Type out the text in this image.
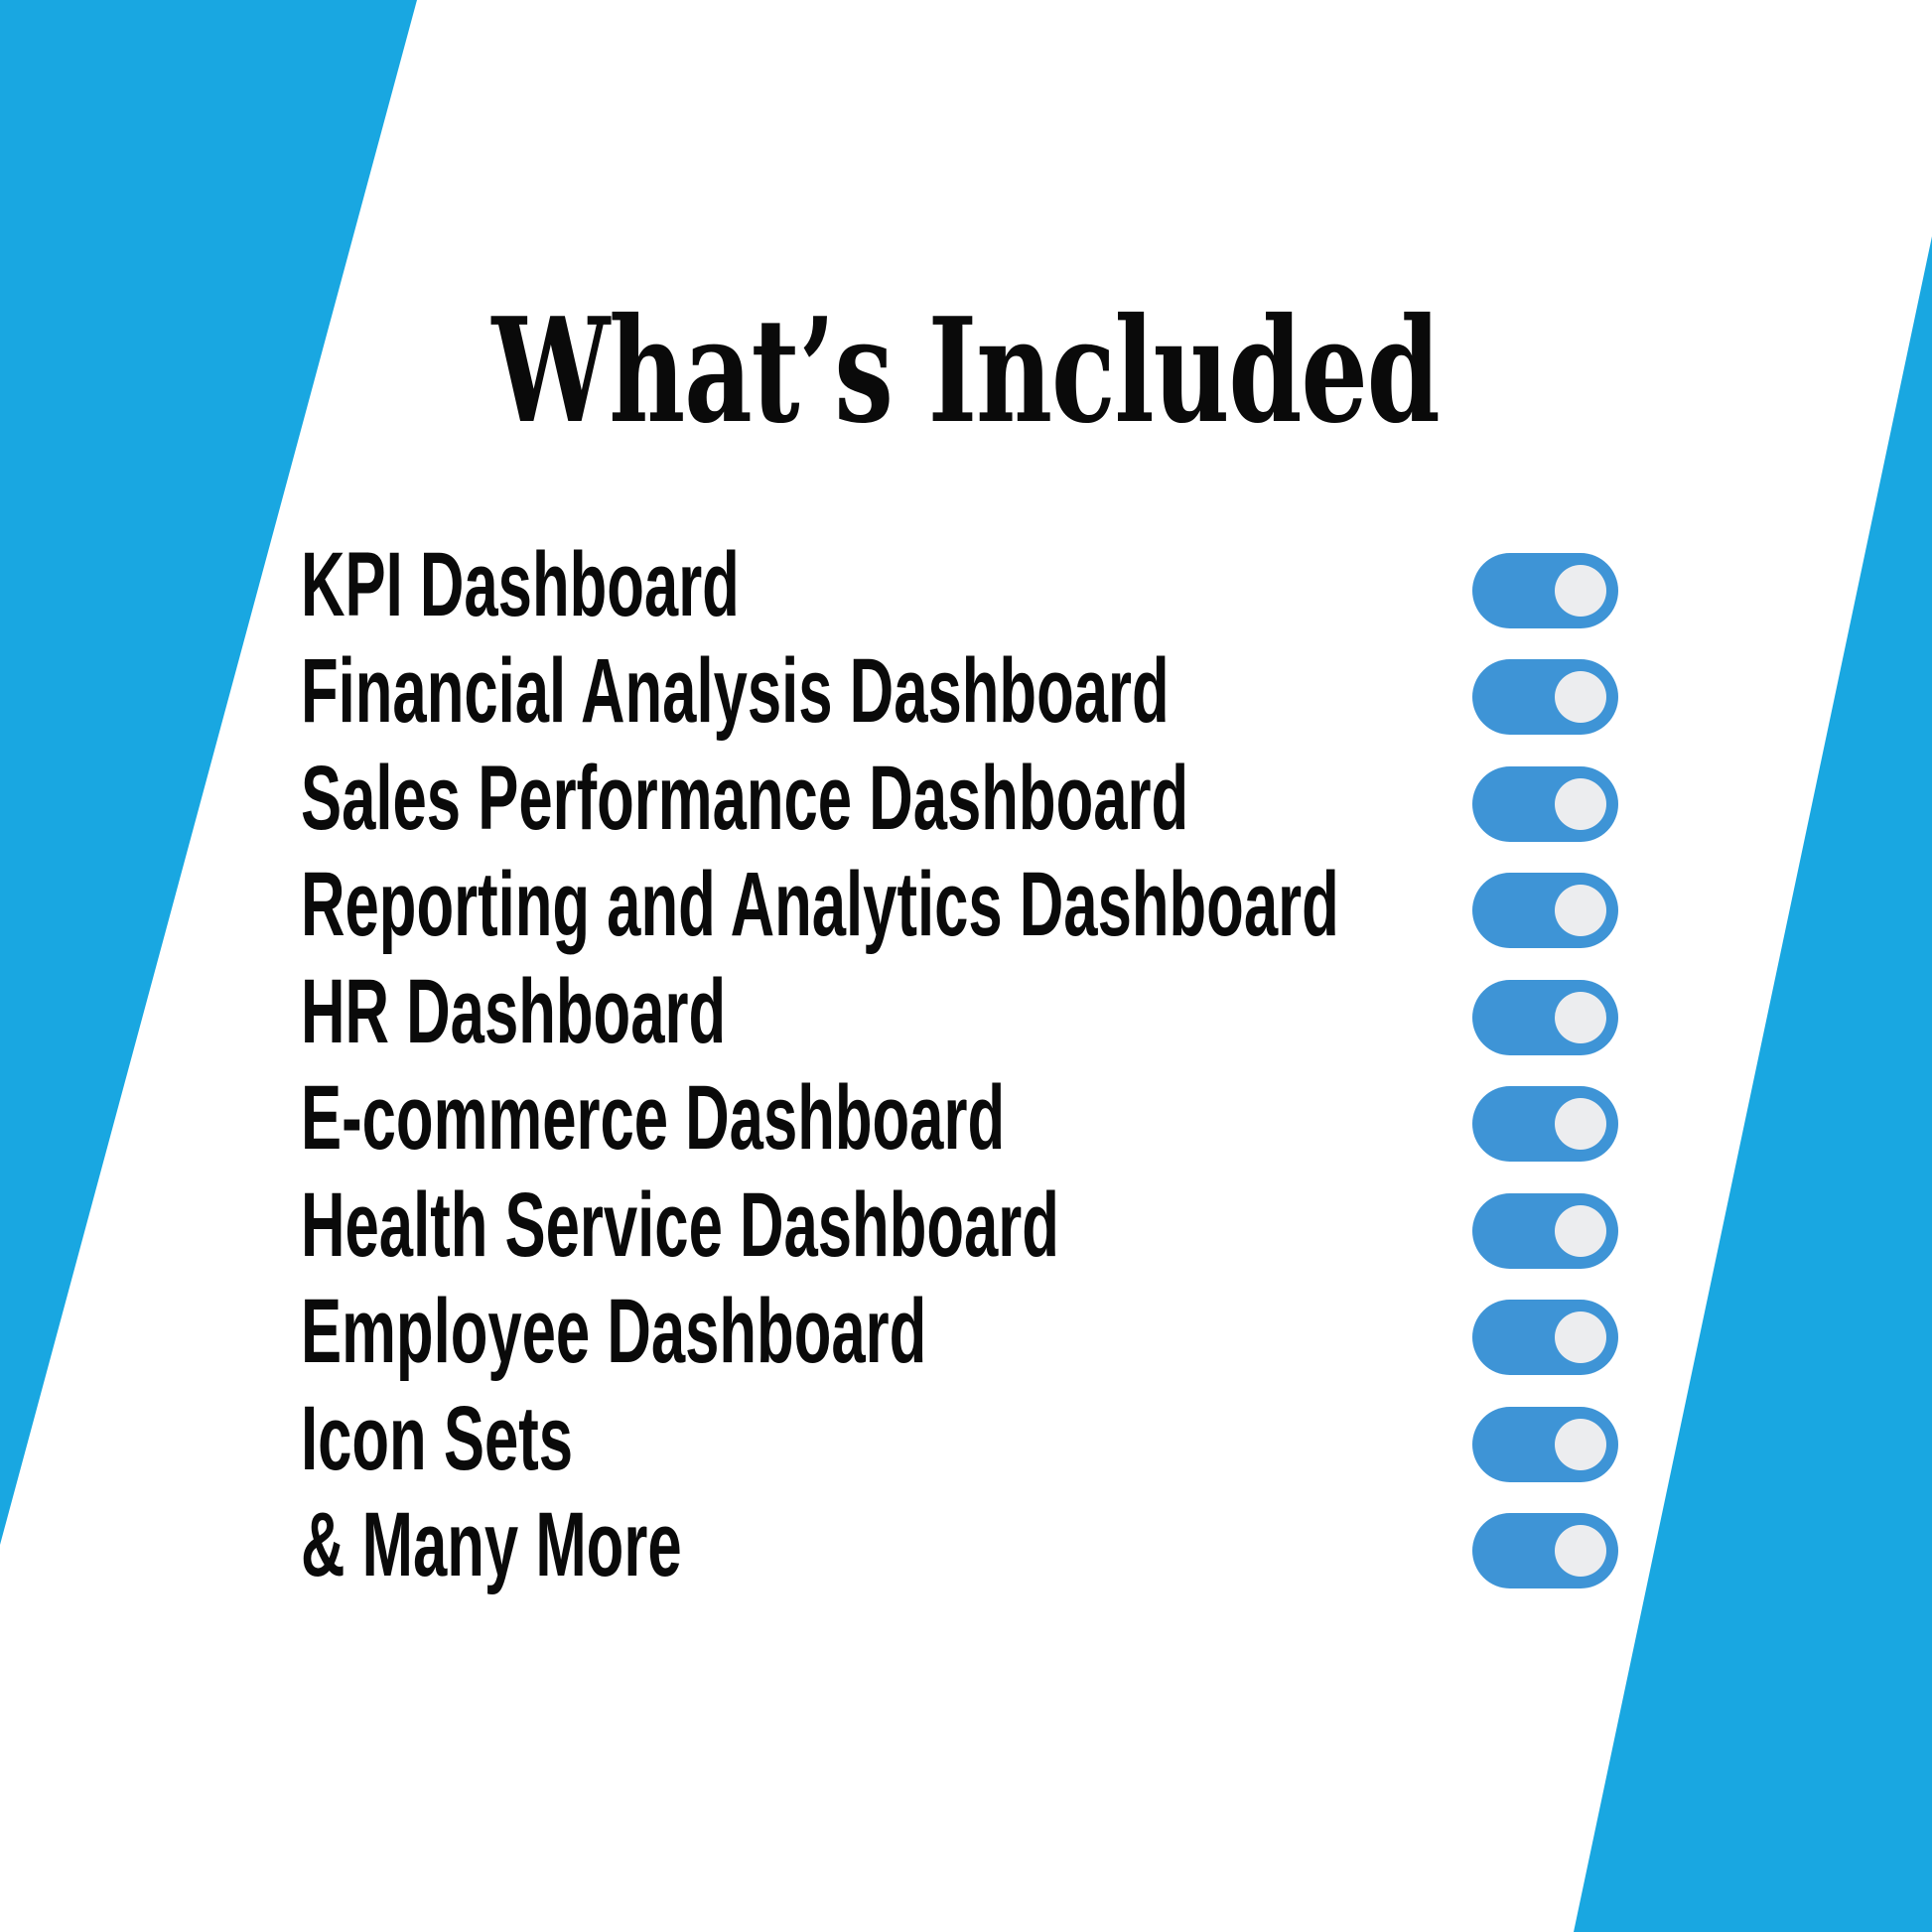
What’s Included
KPI Dashboard
Financial Analysis Dashboard
Sales Performance Dashboard
Reporting and Analytics Dashboard
HR Dashboard
E-commerce Dashboard
Health Service Dashboard
Employee Dashboard
Icon Sets
& Many More
